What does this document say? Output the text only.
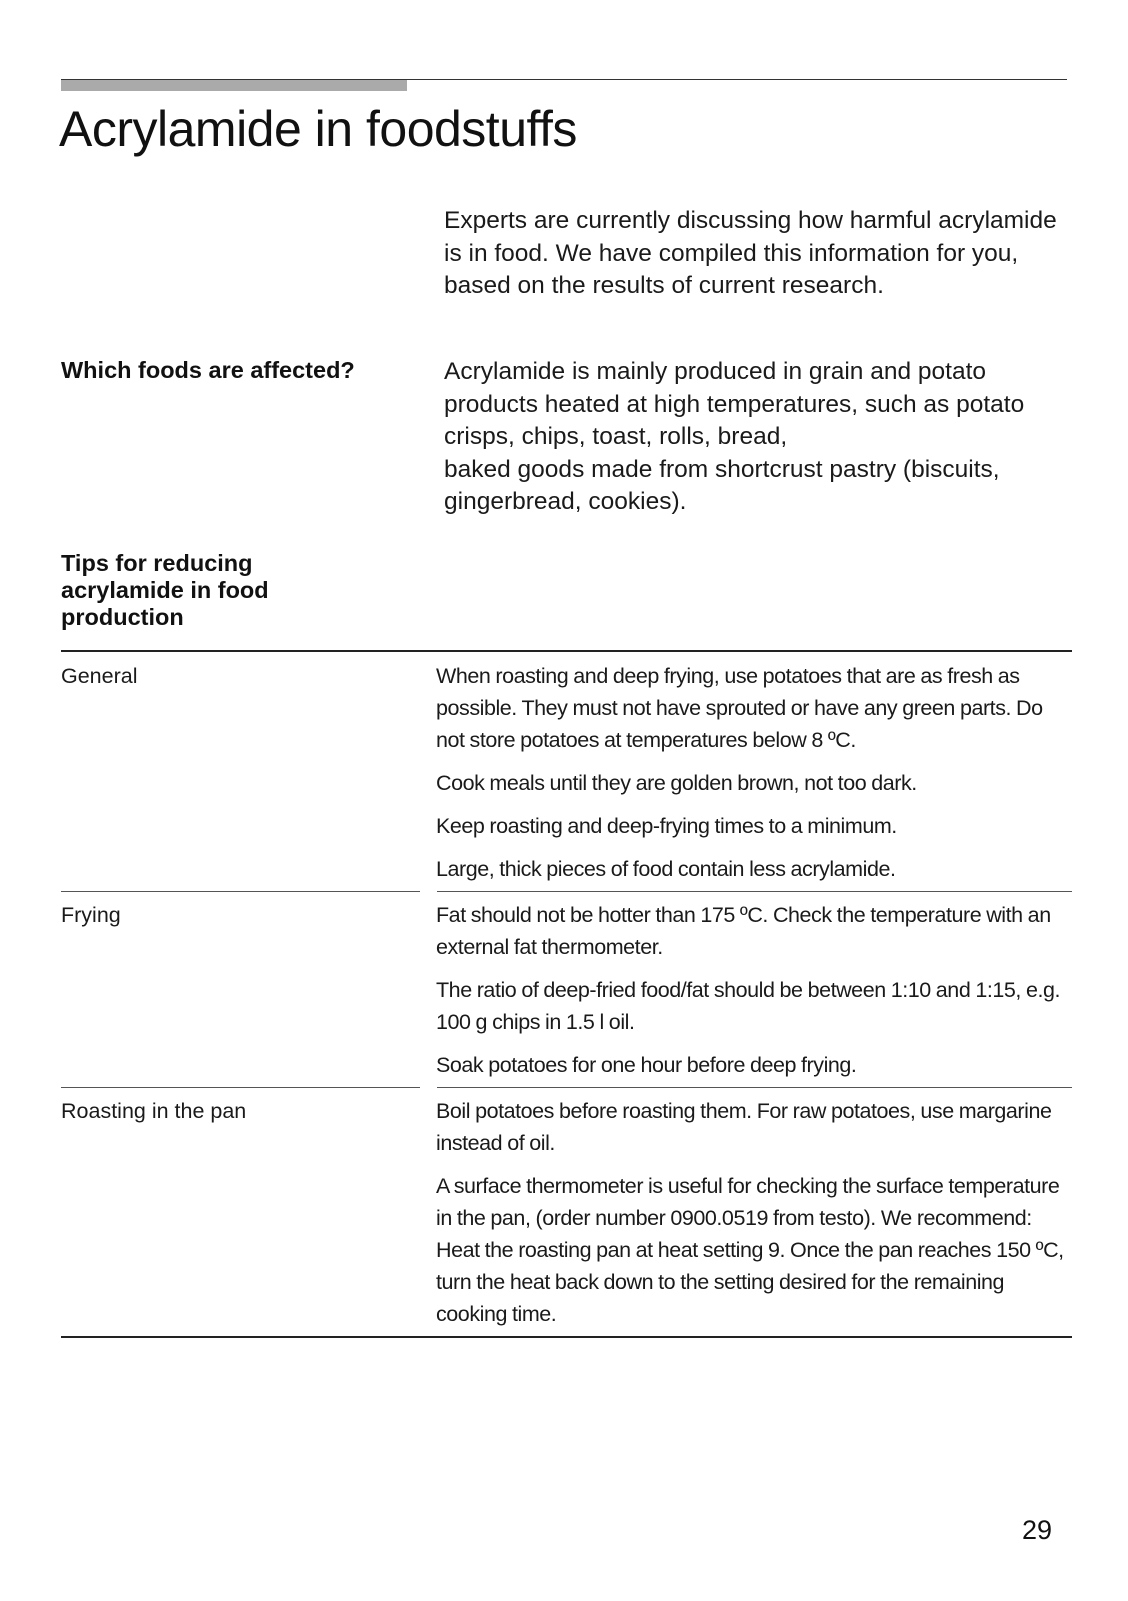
Acrylamide in foodstuffs
Experts are currently discussing how harmful acrylamide is in food. We have compiled this information for you, based on the results of current research.
Which foods are affected?	Acrylamide is mainly produced in grain and potato products heated at high temperatures, such as potato crisps, chips, toast, rolls, bread,

baked goods made from shortcrust pastry (biscuits, gingerbread, cookies).

Tips for reducing acrylamide in food production
General	When roasting and deep frying, use potatoes that are as fresh as possible. They must not have sprouted or have any green parts. Do not store potatoes at temperatures below 8 ºC.

Cook meals until they are golden brown, not too dark.

Keep roasting and deep-frying times to a minimum.

Large, thick pieces of food contain less acrylamide.

Frying	Fat should not be hotter than 175 ºC. Check the temperature with an external fat thermometer.

The ratio of deep-fried food/fat should be between 1:10 and 1:15, e.g. 100 g chips in 1.5 l oil.

Soak potatoes for one hour before deep frying.

Roasting in the pan	Boil potatoes before roasting them. For raw potatoes, use margarine instead of oil.

A surface thermometer is useful for checking the surface temperature in the pan, (order number 0900.0519 from testo). We recommend: Heat the roasting pan at heat setting 9. Once the pan reaches 150 ºC, turn the heat back down to the setting desired for the remaining cooking time.

29
